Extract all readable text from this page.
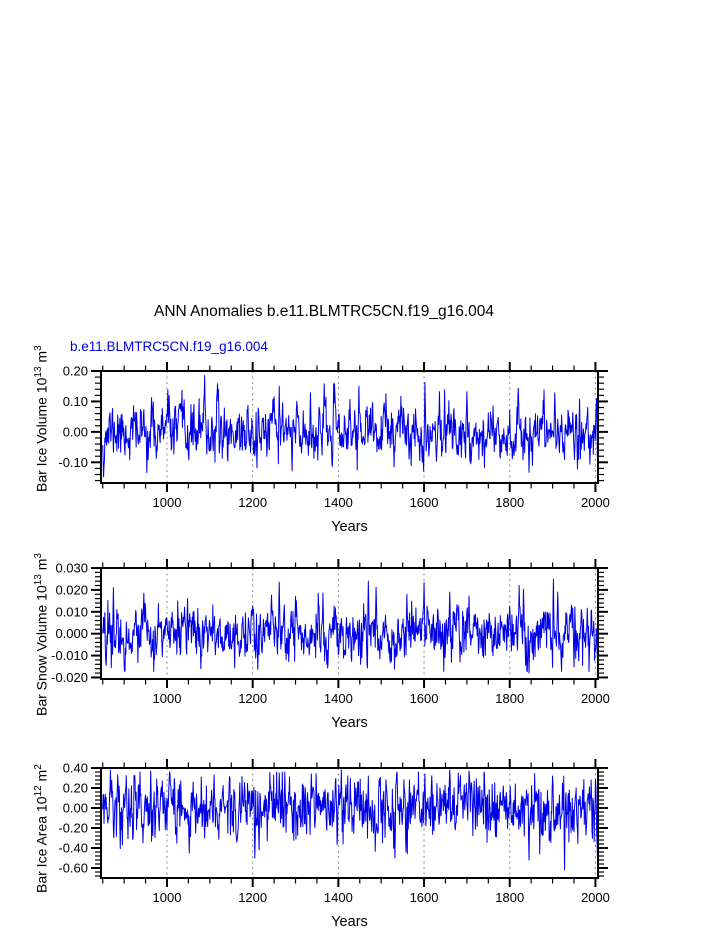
ANN Anomalies b.e11.BLMTRC5CN.f19_g16.004
b.e11.BLMTRC5CN.f19_g16.004
1000	1200	1400	1600	1800	2000
0.20
0.10
0.00
-0.10
Years
1000	1200	1400	1600	1800	2000
0.030
0.020
0.010
0.000
-0.010
-0.020
Years
1000	1200	1400	1600	1800	2000
0.40
0.20
0.00
-0.20
-0.40
-0.60
Years
Bar Ice Volume $10^{13}$ $m^3$
Bar Snow Volume $10^{13}$ $m^3$
Bar Ice Area $10^{12}$ $m^2$
